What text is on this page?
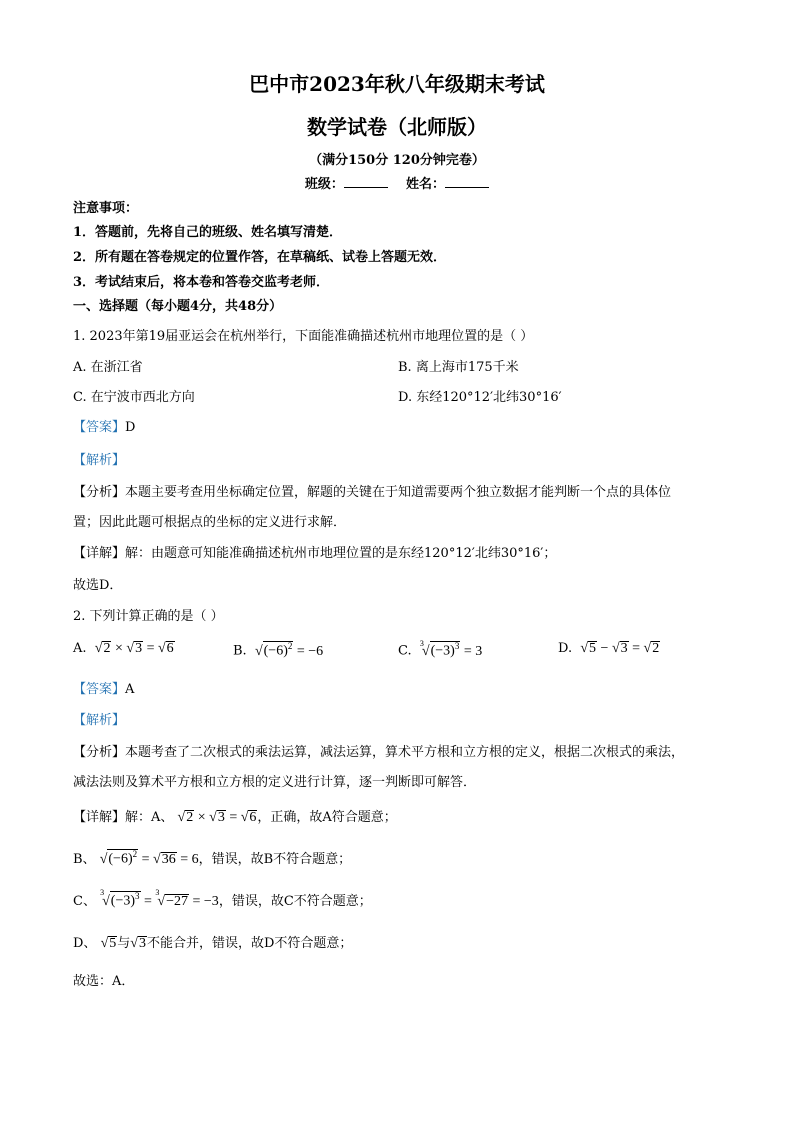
巴中市2023年秋八年级期末考试
数学试卷（北师版）
（满分150分 120分钟完卷）
班级：	姓名：
注意事项：
1．答题前，先将自己的班级、姓名填写清楚．
2．所有题在答卷规定的位置作答，在草稿纸、试卷上答题无效．
3．考试结束后，将本卷和答卷交监考老师．
一、选择题（每小题4分，共48分）
1. 2023年第19届亚运会在杭州举行，下面能准确描述杭州市地理位置的是（ ）
A. 在浙江省	B. 离上海市175千米
C. 在宁波市西北方向	D. 东经120°12′北纬30°16′
【答案】D
【解析】
【分析】本题主要考查用坐标确定位置，解题的关键在于知道需要两个独立数据才能判断一个点的具体位
置；因此此题可根据点的坐标的定义进行求解．
【详解】解：由题意可知能准确描述杭州市地理位置的是东经120°12′北纬30°16′；
故选D．
2. 下列计算正确的是（ ）
A. √2 × √3 = √6	B. $√(-6)^2 = -6$	C.  $^3√(-3)^3 = 3$	D. √5 − √3 = √2
【答案】A
【解析】
【分析】本题考查了二次根式的乘法运算，减法运算，算术平方根和立方根的定义，根据二次根式的乘法，
减法法则及算术平方根和立方根的定义进行计算，逐一判断即可解答．
【详解】解：A、 √2 × √3 = √6，正确，故A符合题意；
B、 $√(-6)^2 = √36 = 6$，错误，故B不符合题意；
C、 $^3√(-3)^3 = ^3√-27 = -3$，错误，故C不符合题意；
D、 √5与√3不能合并，错误，故D不符合题意；
故选：A．
